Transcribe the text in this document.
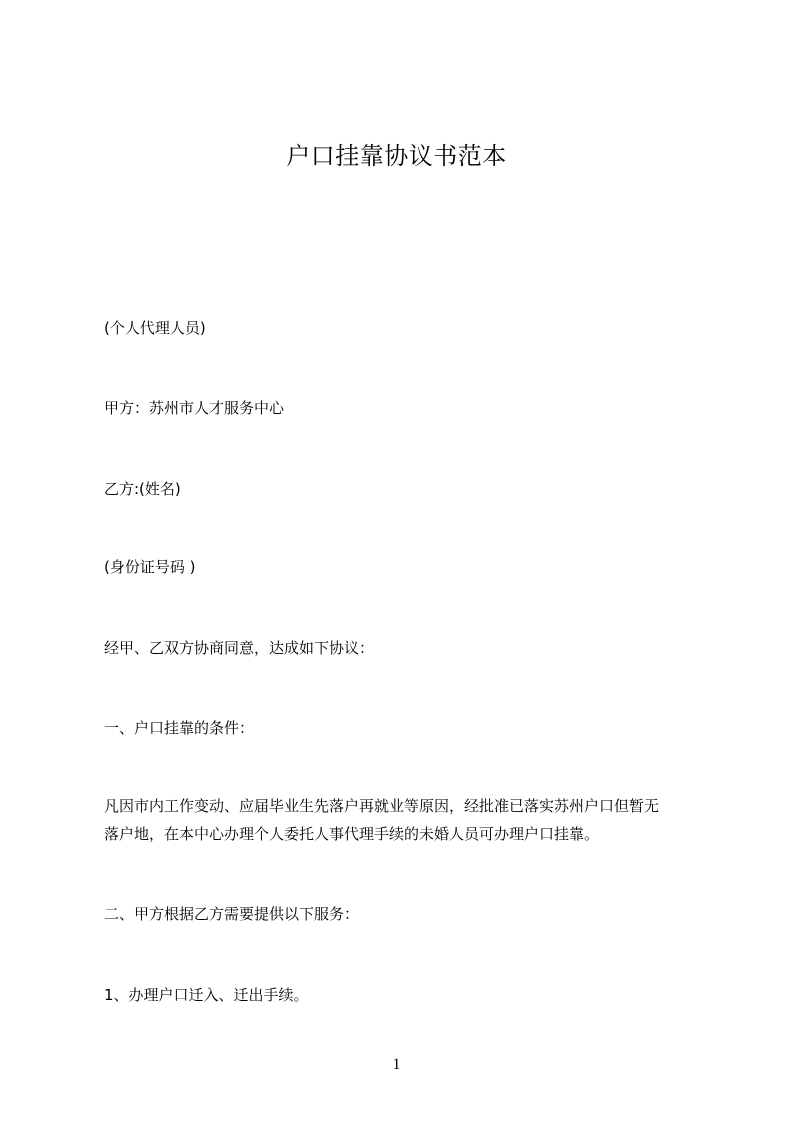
户口挂靠协议书范本
(个人代理人员)
甲方：苏州市人才服务中心
乙方:(姓名)
(身份证号码 )
经甲、乙双方协商同意，达成如下协议：
一、户口挂靠的条件：
凡因市内工作变动、应届毕业生先落户再就业等原因，经批准已落实苏州户口但暂无
落户地，在本中心办理个人委托人事代理手续的未婚人员可办理户口挂靠。
二、甲方根据乙方需要提供以下服务：
1、办理户口迁入、迁出手续。
1
